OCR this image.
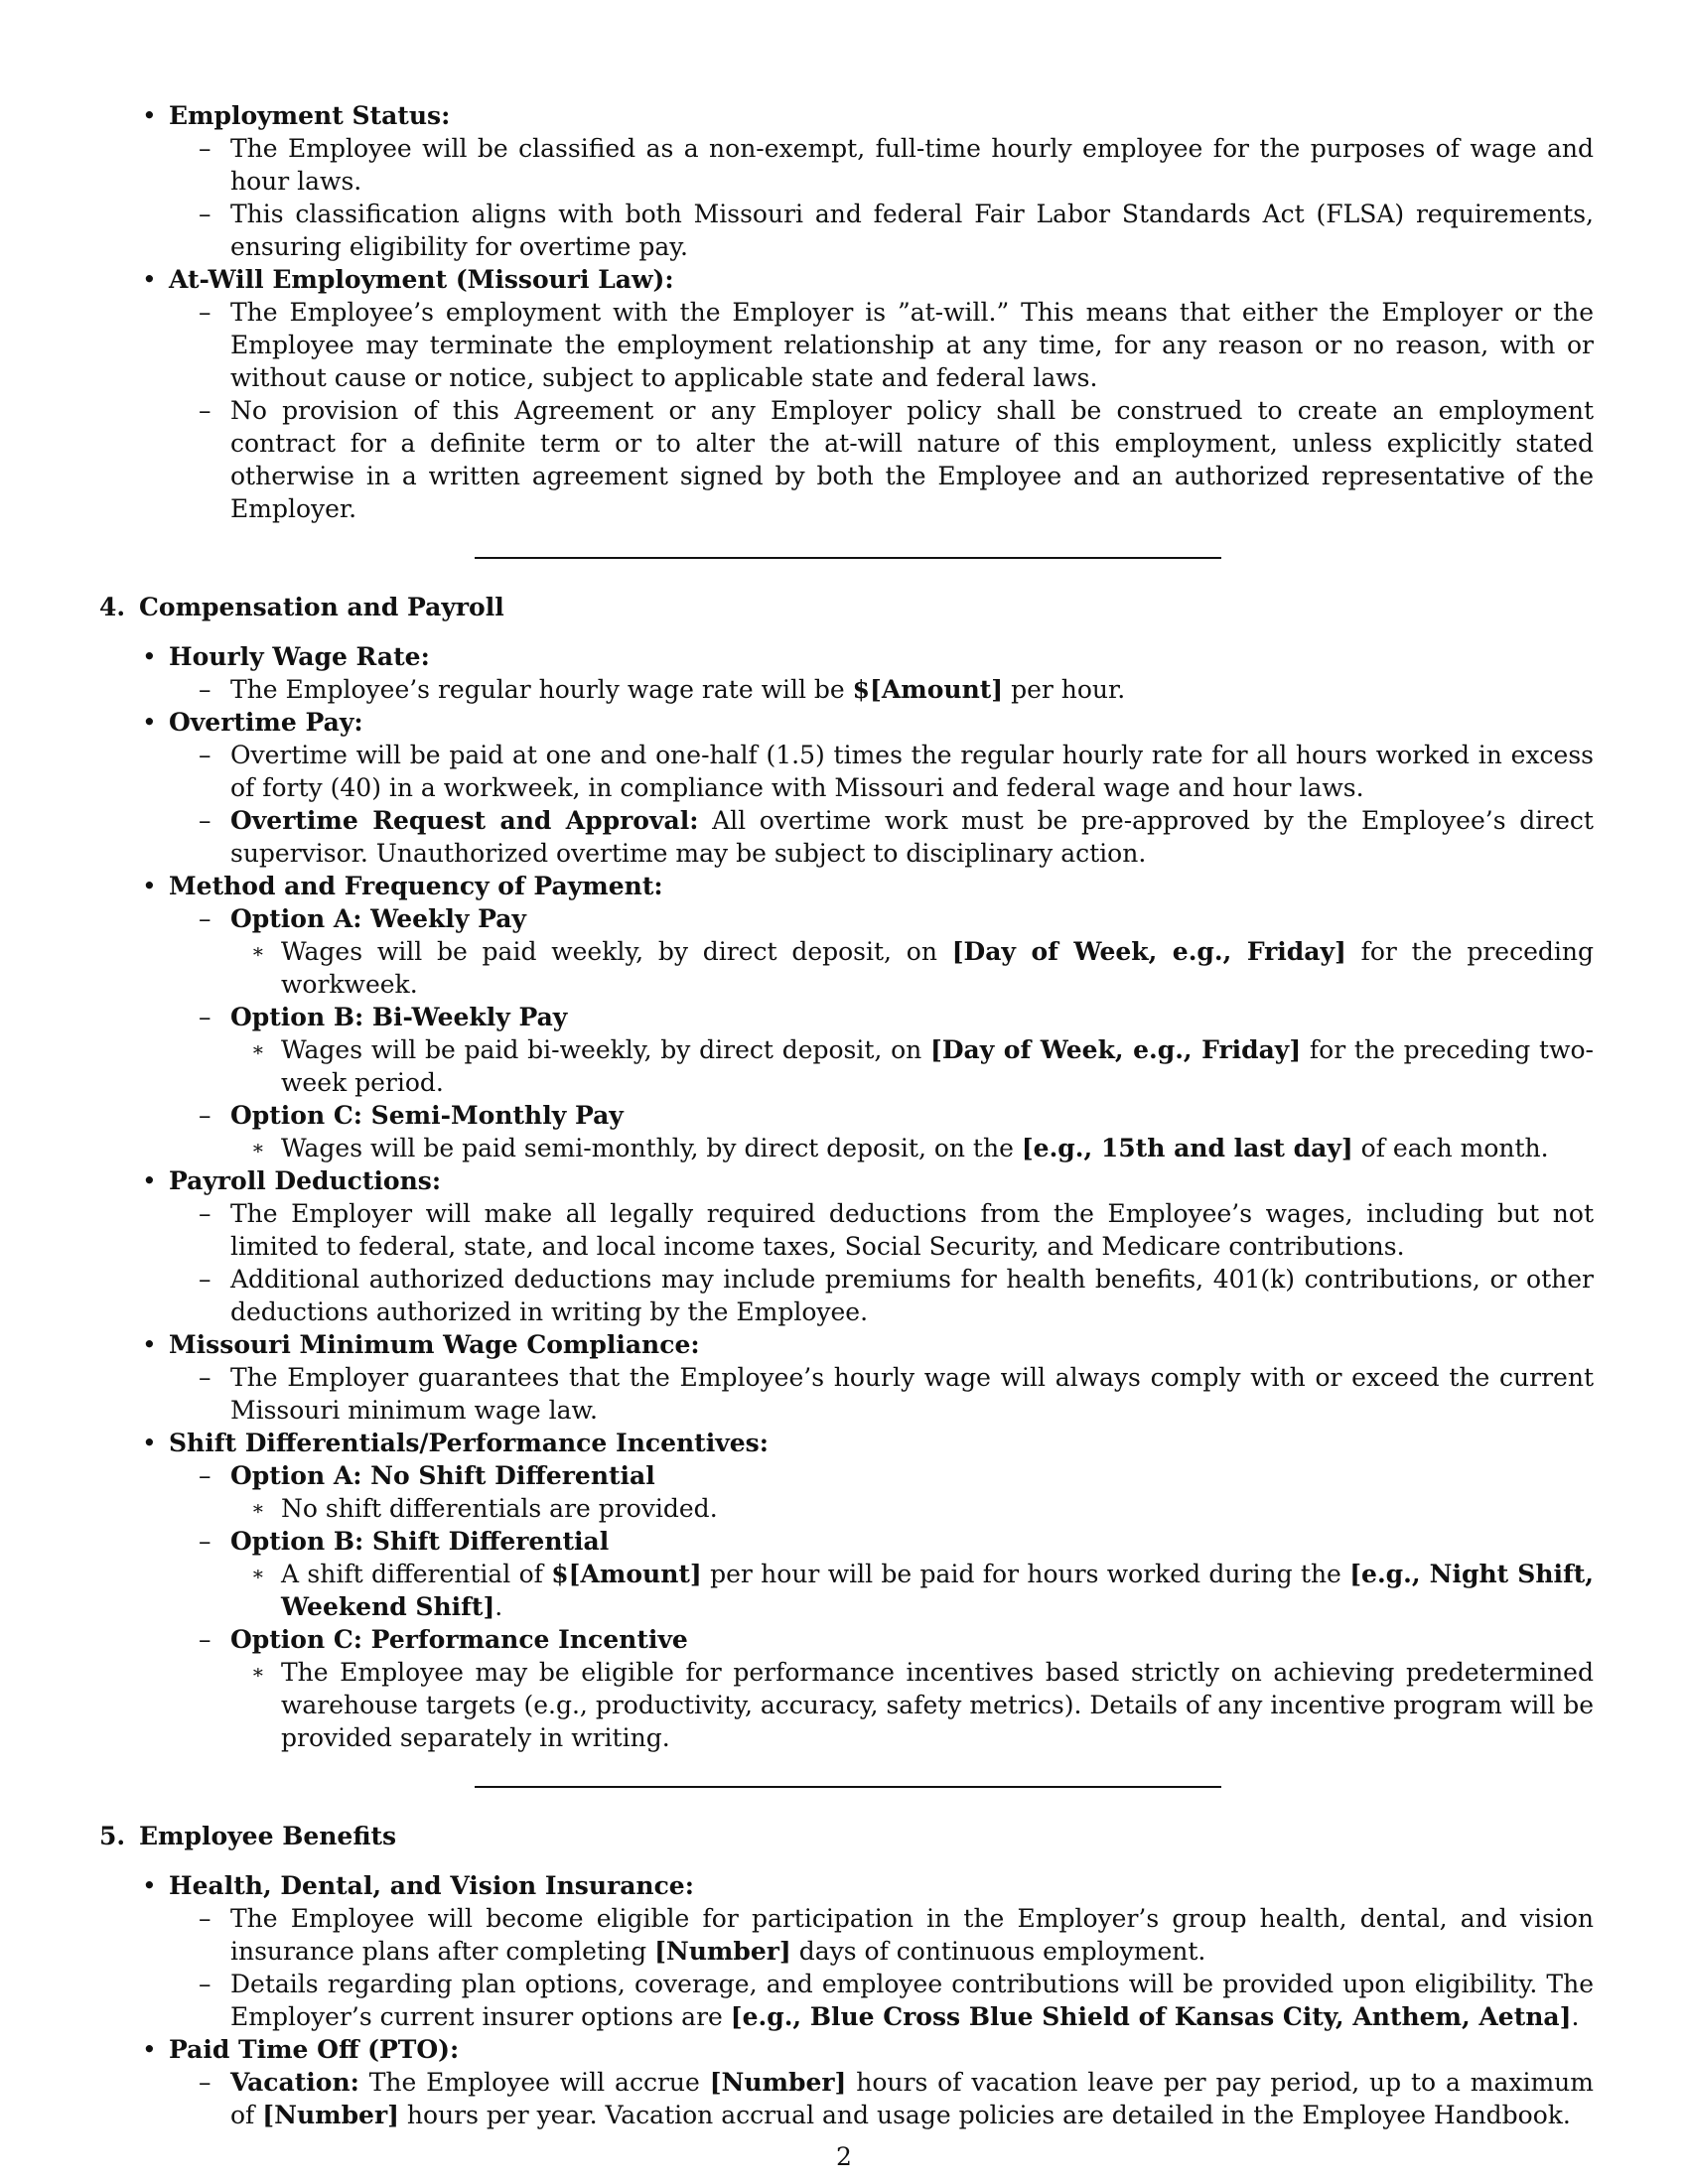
• Employment Status:

– The Employee will be classified as a non-exempt, full-time hourly employee for the purposes of wage and hour laws.

– This classification aligns with both Missouri and federal Fair Labor Standards Act (FLSA) requirements, ensuring eligibility for overtime pay.

• At-Will Employment (Missouri Law):

– The Employee’s employment with the Employer is ”at-will.” This means that either the Employer or the Employee may terminate the employment relationship at any time, for any reason or no reason, with or without cause or notice, subject to applicable state and federal laws.

– No provision of this Agreement or any Employer policy shall be construed to create an employment contract for a definite term or to alter the at-will nature of this employment, unless explicitly stated otherwise in a written agreement signed by both the Employee and an authorized representative of the Employer.

4. Compensation and Payroll

• Hourly Wage Rate:

– The Employee’s regular hourly wage rate will be $[Amount] per hour.

• Overtime Pay:

– Overtime will be paid at one and one-half (1.5) times the regular hourly rate for all hours worked in excess of forty (40) in a workweek, in compliance with Missouri and federal wage and hour laws.

– Overtime Request and Approval: All overtime work must be pre-approved by the Employee’s direct supervisor. Unauthorized overtime may be subject to disciplinary action.

• Method and Frequency of Payment:

– Option A: Weekly Pay

∗ Wages will be paid weekly, by direct deposit, on [Day of Week, e.g., Friday] for the preceding workweek.

– Option B: Bi-Weekly Pay

∗ Wages will be paid bi-weekly, by direct deposit, on [Day of Week, e.g., Friday] for the preceding two-week period.

– Option C: Semi-Monthly Pay

∗ Wages will be paid semi-monthly, by direct deposit, on the [e.g., 15th and last day] of each month.

• Payroll Deductions:

– The Employer will make all legally required deductions from the Employee’s wages, including but not limited to federal, state, and local income taxes, Social Security, and Medicare contributions.

– Additional authorized deductions may include premiums for health benefits, 401(k) contributions, or other deductions authorized in writing by the Employee.

• Missouri Minimum Wage Compliance:

– The Employer guarantees that the Employee’s hourly wage will always comply with or exceed the current Missouri minimum wage law.

• Shift Differentials/Performance Incentives:

– Option A: No Shift Differential

∗ No shift differentials are provided.

– Option B: Shift Differential

∗ A shift differential of $[Amount] per hour will be paid for hours worked during the [e.g., Night Shift, Weekend Shift].

– Option C: Performance Incentive

∗ The Employee may be eligible for performance incentives based strictly on achieving predetermined warehouse targets (e.g., productivity, accuracy, safety metrics). Details of any incentive program will be provided separately in writing.

5. Employee Benefits

• Health, Dental, and Vision Insurance:

– The Employee will become eligible for participation in the Employer’s group health, dental, and vision insurance plans after completing [Number] days of continuous employment.

– Details regarding plan options, coverage, and employee contributions will be provided upon eligibility. The Employer’s current insurer options are [e.g., Blue Cross Blue Shield of Kansas City, Anthem, Aetna].

• Paid Time Off (PTO):

– Vacation: The Employee will accrue [Number] hours of vacation leave per pay period, up to a maximum of [Number] hours per year. Vacation accrual and usage policies are detailed in the Employee Handbook.

2
